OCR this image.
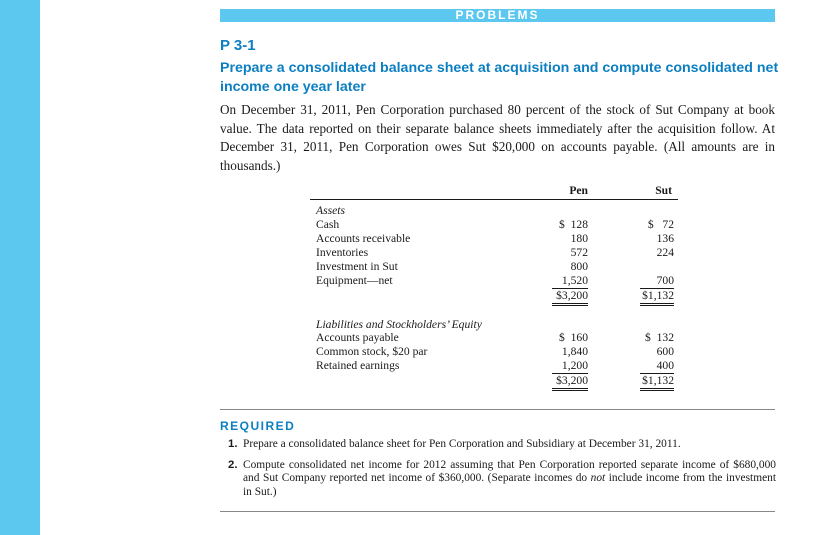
PROBLEMS
P 3-1
Prepare a consolidated balance sheet at acquisition and compute consolidated net income one year later
On December 31, 2011, Pen Corporation purchased 80 percent of the stock of Sut Company at book value. The data reported on their separate balance sheets immediately after the acquisition follow. At December 31, 2011, Pen Corporation owes Sut $20,000 on accounts payable. (All amounts are in thousands.)
Pen	Sut
Assets
Cash	$  128	$   72
Accounts receivable	180	136
Inventories	572	224
Investment in Sut	800
Equipment—net	1,520	700
$3,200	$1,132
Liabilities and Stockholders’ Equity
Accounts payable	$  160	$  132
Common stock, $20 par	1,840	600
Retained earnings	1,200	400
$3,200	$1,132
REQUIRED
1. Prepare a consolidated balance sheet for Pen Corporation and Subsidiary at December 31, 2011.
2. Compute consolidated net income for 2012 assuming that Pen Corporation reported separate income of $680,000 and Sut Company reported net income of $360,000. (Separate incomes do not include income from the investment in Sut.)
